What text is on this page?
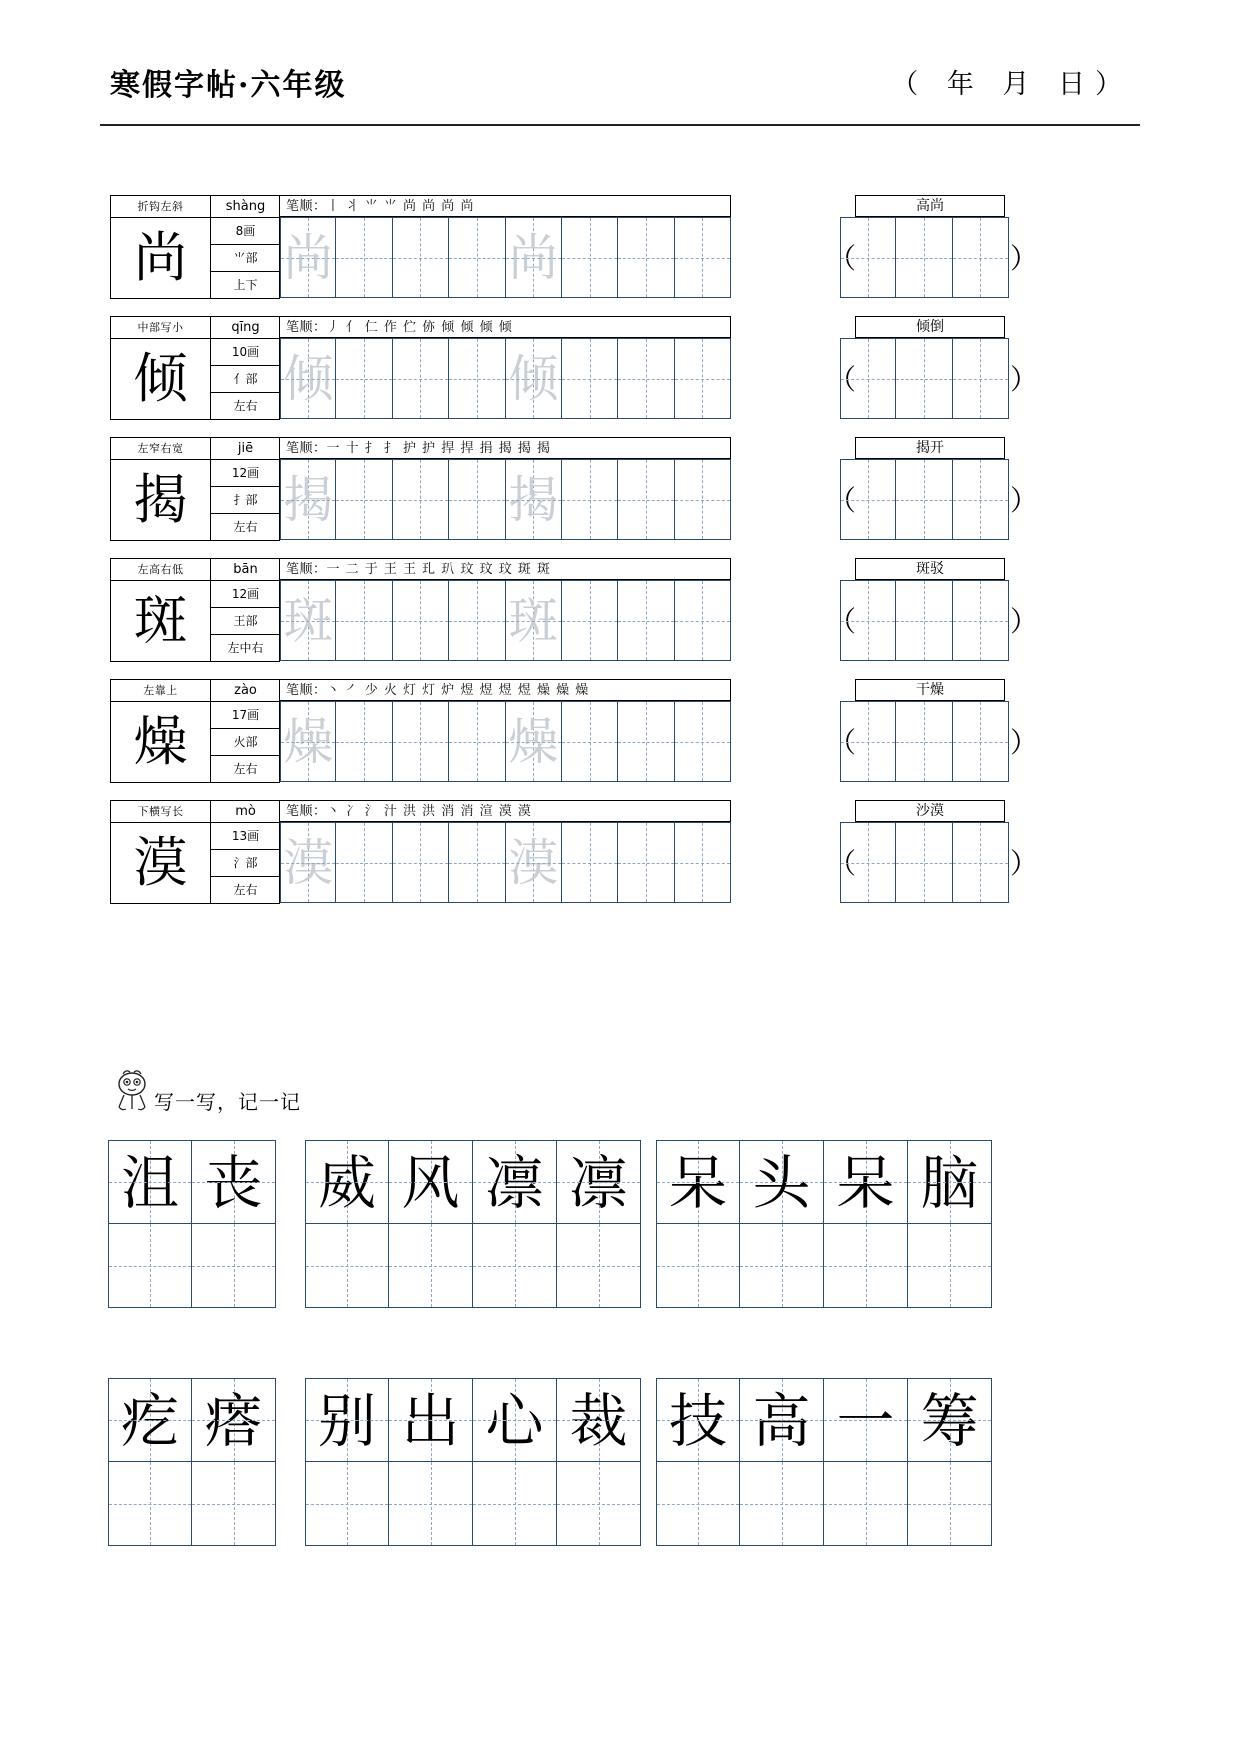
寒假字帖·六年级	（ 年 月 日）
折钩左斜	shàng
尚	8画
⺌部
上下
笔顺：丨 丬 ⺌ ⺌ 尚 尚 尚 尚
尚	尚
高尚
（	）
中部写小	qīng
倾	10画
亻部
左右
笔顺：丿 亻 仁 作 伫 㑊 倾 倾 倾 倾
倾	倾
倾倒
（	）
左窄右宽	jiē
揭	12画
扌部
左右
笔顺：一 十 扌 扌 护 护 捍 捍 捐 揭 揭 揭
揭	揭
揭开
（	）
左高右低	bān
斑	12画
王部
左中右
笔顺：一 二 于 王 王 玌 玐 玟 玟 玟 斑 斑
斑	斑
斑驳
（	）
左靠上	zào
燥	17画
火部
左右
笔顺：丶 ㇒ 少 火 灯 灯 炉 煜 煜 煜 煜 燥 燥 燥
燥	燥
干燥
（	）
下横写长	mò
漠	13画
氵部
左右
笔顺：丶 冫 氵 汁 洪 洪 消 消 渲 漠 漠
漠	漠
沙漠
（	）
写一写，记一记
沮 丧 威 风 凛 凛 呆 头 呆 脑
疙 瘩 别 出 心 裁 技 高 一 筹
